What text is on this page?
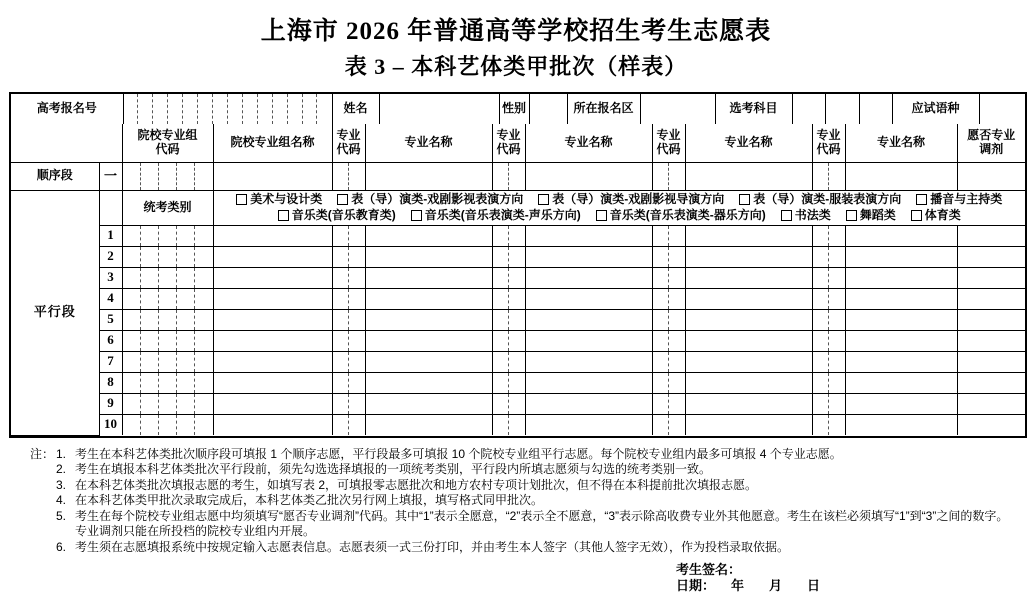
上海市 2026 年普通高等学校招生考生志愿表
表 3 – 本科艺体类甲批次（样表）
高考报名号		姓名		性别		所在报名区		选考科目				应试语种	

		院校专业组代码	院校专业组名称	专业代码	专业名称	专业代码	专业名称	专业代码	专业名称	专业代码	专业名称	愿否专业调剂

顺序段	一	

平行段		统考类别	
美术与设计类 表（导）演类-戏剧影视表演方向 表（导）演类-戏剧影视导演方向 表（导）演类-服装表演方向 播音与主持类
音乐类(音乐教育类) 音乐类(音乐表演类-声乐方向) 音乐类(音乐表演类-器乐方向) 书法类 舞蹈类 体育类

	1	

	2	

	3	

	4	

	5	

	6	

	7	

	8	

	9	

	10	

注： 1. 考生在本科艺体类批次顺序段可填报 1 个顺序志愿，平行段最多可填报 10 个院校专业组平行志愿。每个院校专业组内最多可填报 4 个专业志愿。
2. 考生在填报本科艺体类批次平行段前，须先勾选选择填报的一项统考类别，平行段内所填志愿须与勾选的统考类别一致。
3. 在本科艺体类批次填报志愿的考生，如填写表 2，可填报零志愿批次和地方农村专项计划批次，但不得在本科提前批次填报志愿。
4. 在本科艺体类甲批次录取完成后，本科艺体类乙批次另行网上填报，填写格式同甲批次。
5. 考生在每个院校专业组志愿中均须填写“愿否专业调剂”代码。其中“1”表示全愿意，“2”表示全不愿意，“3”表示除高收费专业外其他愿意。考生在该栏必须填写“1”到“3”之间的数字。专业调剂只能在所投档的院校专业组内开展。
6. 考生须在志愿填报系统中按规定输入志愿表信息。志愿表须一式三份打印，并由考生本人签字（其他人签字无效），作为投档录取依据。
考生签名：
日期： 年 月 日
